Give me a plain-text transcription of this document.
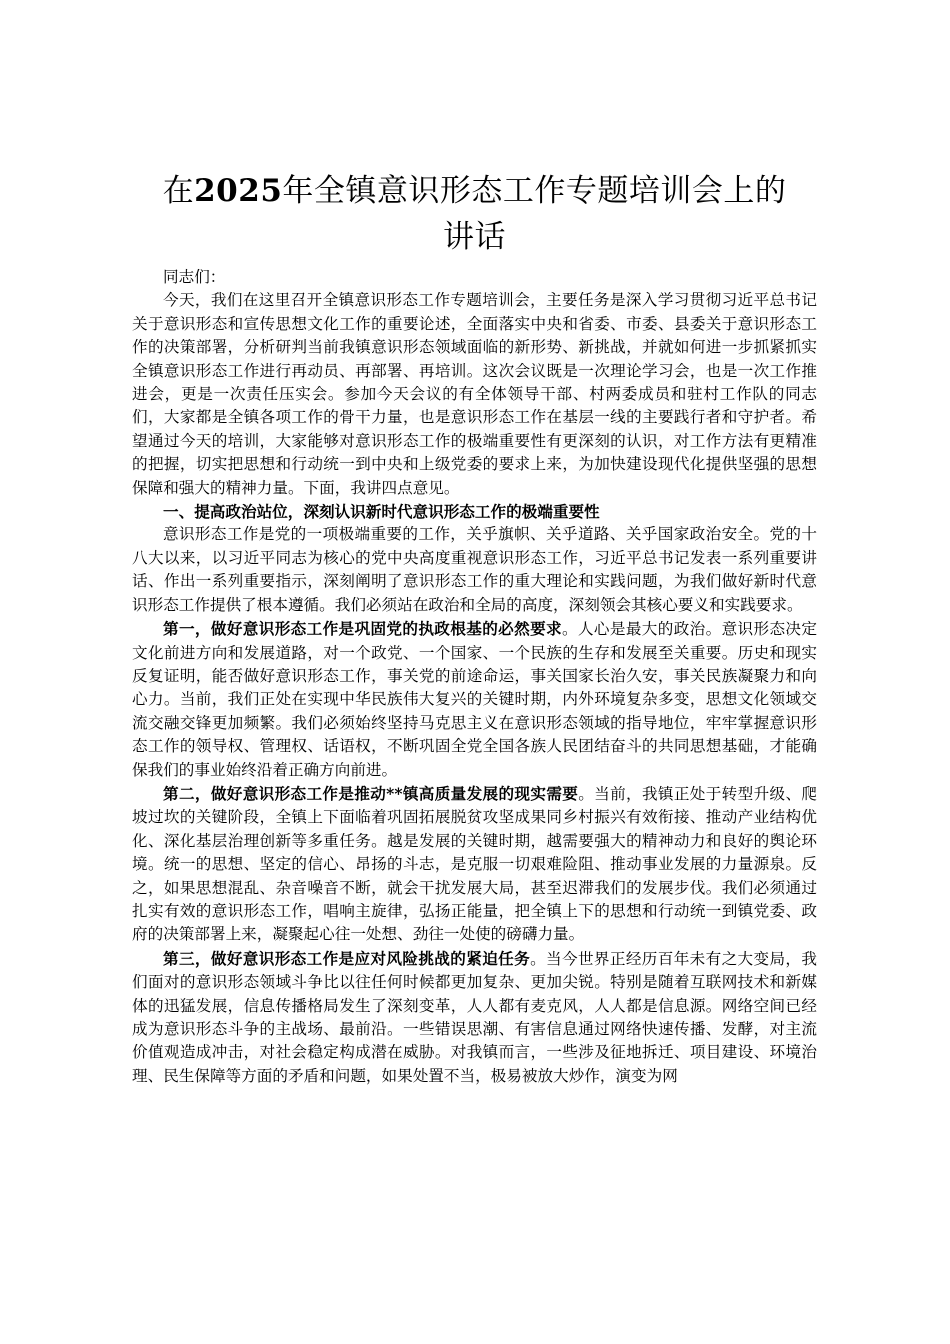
在2025年全镇意识形态工作专题培训会上的
讲话

同志们：

今天，我们在这里召开全镇意识形态工作专题培训会，主要任务是深入学习贯彻习近平总书记关于意识形态和宣传思想文化工作的重要论述，全面落实中央和省委、市委、县委关于意识形态工作的决策部署，分析研判当前我镇意识形态领域面临的新形势、新挑战，并就如何进一步抓紧抓实全镇意识形态工作进行再动员、再部署、再培训。这次会议既是一次理论学习会，也是一次工作推进会，更是一次责任压实会。参加今天会议的有全体领导干部、村两委成员和驻村工作队的同志们，大家都是全镇各项工作的骨干力量，也是意识形态工作在基层一线的主要践行者和守护者。希望通过今天的培训，大家能够对意识形态工作的极端重要性有更深刻的认识，对工作方法有更精准的把握，切实把思想和行动统一到中央和上级党委的要求上来，为加快建设现代化提供坚强的思想保障和强大的精神力量。下面，我讲四点意见。

一、提高政治站位，深刻认识新时代意识形态工作的极端重要性

意识形态工作是党的一项极端重要的工作，关乎旗帜、关乎道路、关乎国家政治安全。党的十八大以来，以习近平同志为核心的党中央高度重视意识形态工作，习近平总书记发表一系列重要讲话、作出一系列重要指示，深刻阐明了意识形态工作的重大理论和实践问题，为我们做好新时代意识形态工作提供了根本遵循。我们必须站在政治和全局的高度，深刻领会其核心要义和实践要求。

第一，做好意识形态工作是巩固党的执政根基的必然要求。人心是最大的政治。意识形态决定文化前进方向和发展道路，对一个政党、一个国家、一个民族的生存和发展至关重要。历史和现实反复证明，能否做好意识形态工作，事关党的前途命运，事关国家长治久安，事关民族凝聚力和向心力。当前，我们正处在实现中华民族伟大复兴的关键时期，内外环境复杂多变，思想文化领域交流交融交锋更加频繁。我们必须始终坚持马克思主义在意识形态领域的指导地位，牢牢掌握意识形态工作的领导权、管理权、话语权，不断巩固全党全国各族人民团结奋斗的共同思想基础，才能确保我们的事业始终沿着正确方向前进。

第二，做好意识形态工作是推动**镇高质量发展的现实需要。当前，我镇正处于转型升级、爬坡过坎的关键阶段，全镇上下面临着巩固拓展脱贫攻坚成果同乡村振兴有效衔接、推动产业结构优化、深化基层治理创新等多重任务。越是发展的关键时期，越需要强大的精神动力和良好的舆论环境。统一的思想、坚定的信心、昂扬的斗志，是克服一切艰难险阻、推动事业发展的力量源泉。反之，如果思想混乱、杂音噪音不断，就会干扰发展大局，甚至迟滞我们的发展步伐。我们必须通过扎实有效的意识形态工作，唱响主旋律，弘扬正能量，把全镇上下的思想和行动统一到镇党委、政府的决策部署上来，凝聚起心往一处想、劲往一处使的磅礴力量。

第三，做好意识形态工作是应对风险挑战的紧迫任务。当今世界正经历百年未有之大变局，我们面对的意识形态领域斗争比以往任何时候都更加复杂、更加尖锐。特别是随着互联网技术和新媒体的迅猛发展，信息传播格局发生了深刻变革，人人都有麦克风，人人都是信息源。网络空间已经成为意识形态斗争的主战场、最前沿。一些错误思潮、有害信息通过网络快速传播、发酵，对主流价值观造成冲击，对社会稳定构成潜在威胁。对我镇而言，一些涉及征地拆迁、项目建设、环境治理、民生保障等方面的矛盾和问题，如果处置不当，极易被放大炒作，演变为网
